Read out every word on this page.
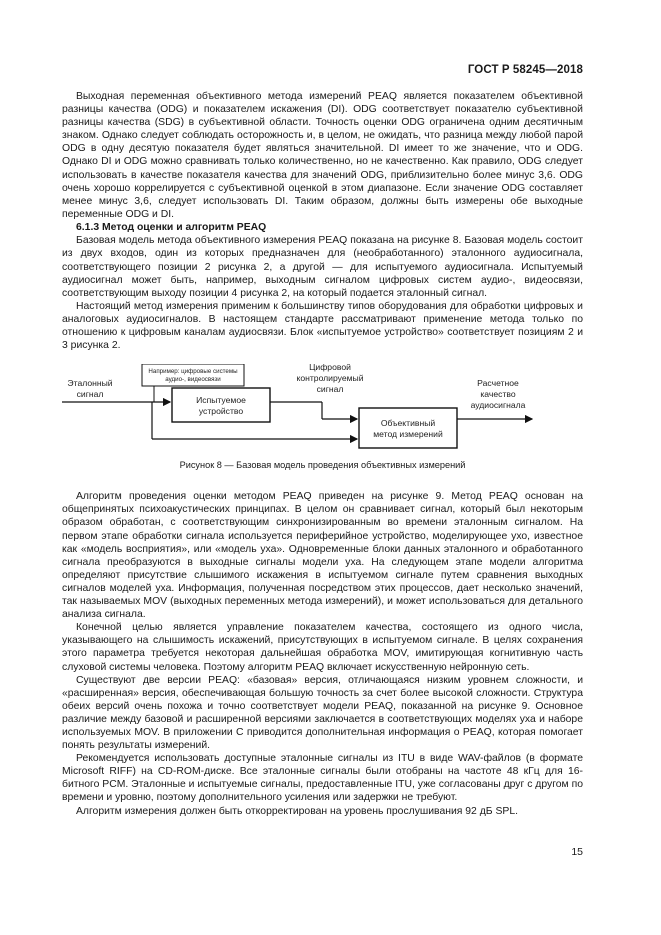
ГОСТ Р 58245—2018

Выходная переменная объективного метода измерений PEAQ является показателем объективной разницы качества (ODG) и показателем искажения (DI). ODG соответствует показателю субъективной разницы качества (SDG) в субъективной области. Точность оценки ODG ограничена одним десятичным знаком. Однако следует соблюдать осторожность и, в целом, не ожидать, что разница между любой парой ODG в одну десятую показателя будет являться значительной. DI имеет то же значение, что и ODG. Однако DI и ODG можно сравнивать только количественно, но не качественно. Как правило, ODG следует использовать в качестве показателя качества для значений ODG, приблизительно более минус 3,6. ODG очень хорошо коррелируется с субъективной оценкой в этом диапазоне. Если значение ODG составляет менее минус 3,6, следует использовать DI. Таким образом, должны быть измерены обе выходные переменные ODG и DI.

6.1.3 Метод оценки и алгоритм PEAQ

Базовая модель метода объективного измерения PEAQ показана на рисунке 8. Базовая модель состоит из двух входов, один из которых предназначен для (необработанного) эталонного аудиосигнала, соответствующего позиции 2 рисунка 2, а другой — для испытуемого аудиосигнала. Испытуемый аудиосигнал может быть, например, выходным сигналом цифровых систем аудио-, видеосвязи, соответствующим выходу позиции 4 рисунка 2, на который подается эталонный сигнал.

Настоящий метод измерения применим к большинству типов оборудования для обработки цифровых и аналоговых аудиосигналов. В настоящем стандарте рассматривают применение метода только по отношению к цифровым каналам аудиосвязи. Блок «испытуемое устройство» соответствует позициям 2 и 3 рисунка 2.

Например: цифровые системы
аудио-, видеосвязи
Эталонный
сигнал
Испытуемое
устройство
Цифровой
контролируемый
сигнал
Объективный
метод измерений
Расчетное
качество
аудиосигнала
Рисунок 8 — Базовая модель проведения объективных измерений

Алгоритм проведения оценки методом PEAQ приведен на рисунке 9. Метод PEAQ основан на общепринятых психоакустических принципах. В целом он сравнивает сигнал, который был некоторым образом обработан, с соответствующим синхронизированным во времени эталонным сигналом. На первом этапе обработки сигнала используется периферийное устройство, моделирующее ухо, известное как «модель восприятия», или «модель уха». Одновременные блоки данных эталонного и обработанного сигнала преобразуются в выходные сигналы модели уха. На следующем этапе модели алгоритма определяют присутствие слышимого искажения в испытуемом сигнале путем сравнения выходных сигналов моделей уха. Информация, полученная посредством этих процессов, дает несколько значений, так называемых MOV (выходных переменных метода измерений), и может использоваться для детального анализа сигнала.

Конечной целью является управление показателем качества, состоящего из одного числа, указывающего на слышимость искажений, присутствующих в испытуемом сигнале. В целях сохранения этого параметра требуется некоторая дальнейшая обработка MOV, имитирующая когнитивную часть слуховой системы человека. Поэтому алгоритм PEAQ включает искусственную нейронную сеть.

Существуют две версии PEAQ: «базовая» версия, отличающаяся низким уровнем сложности, и «расширенная» версия, обеспечивающая большую точность за счет более высокой сложности. Структура обеих версий очень похожа и точно соответствует модели PEAQ, показанной на рисунке 9. Основное различие между базовой и расширенной версиями заключается в соответствующих моделях уха и наборе используемых MOV. В приложении С приводится дополнительная информация о PEAQ, которая помогает понять результаты измерений.

Рекомендуется использовать доступные эталонные сигналы из ITU в виде WAV-файлов (в формате Microsoft RIFF) на CD-ROM-диске. Все эталонные сигналы были отобраны на частоте 48 кГц для 16-битного PCM. Эталонные и испытуемые сигналы, предоставленные ITU, уже согласованы друг с другом по времени и уровню, поэтому дополнительного усиления или задержки не требуют.

Алгоритм измерения должен быть откорректирован на уровень прослушивания 92 дБ SPL.

15
